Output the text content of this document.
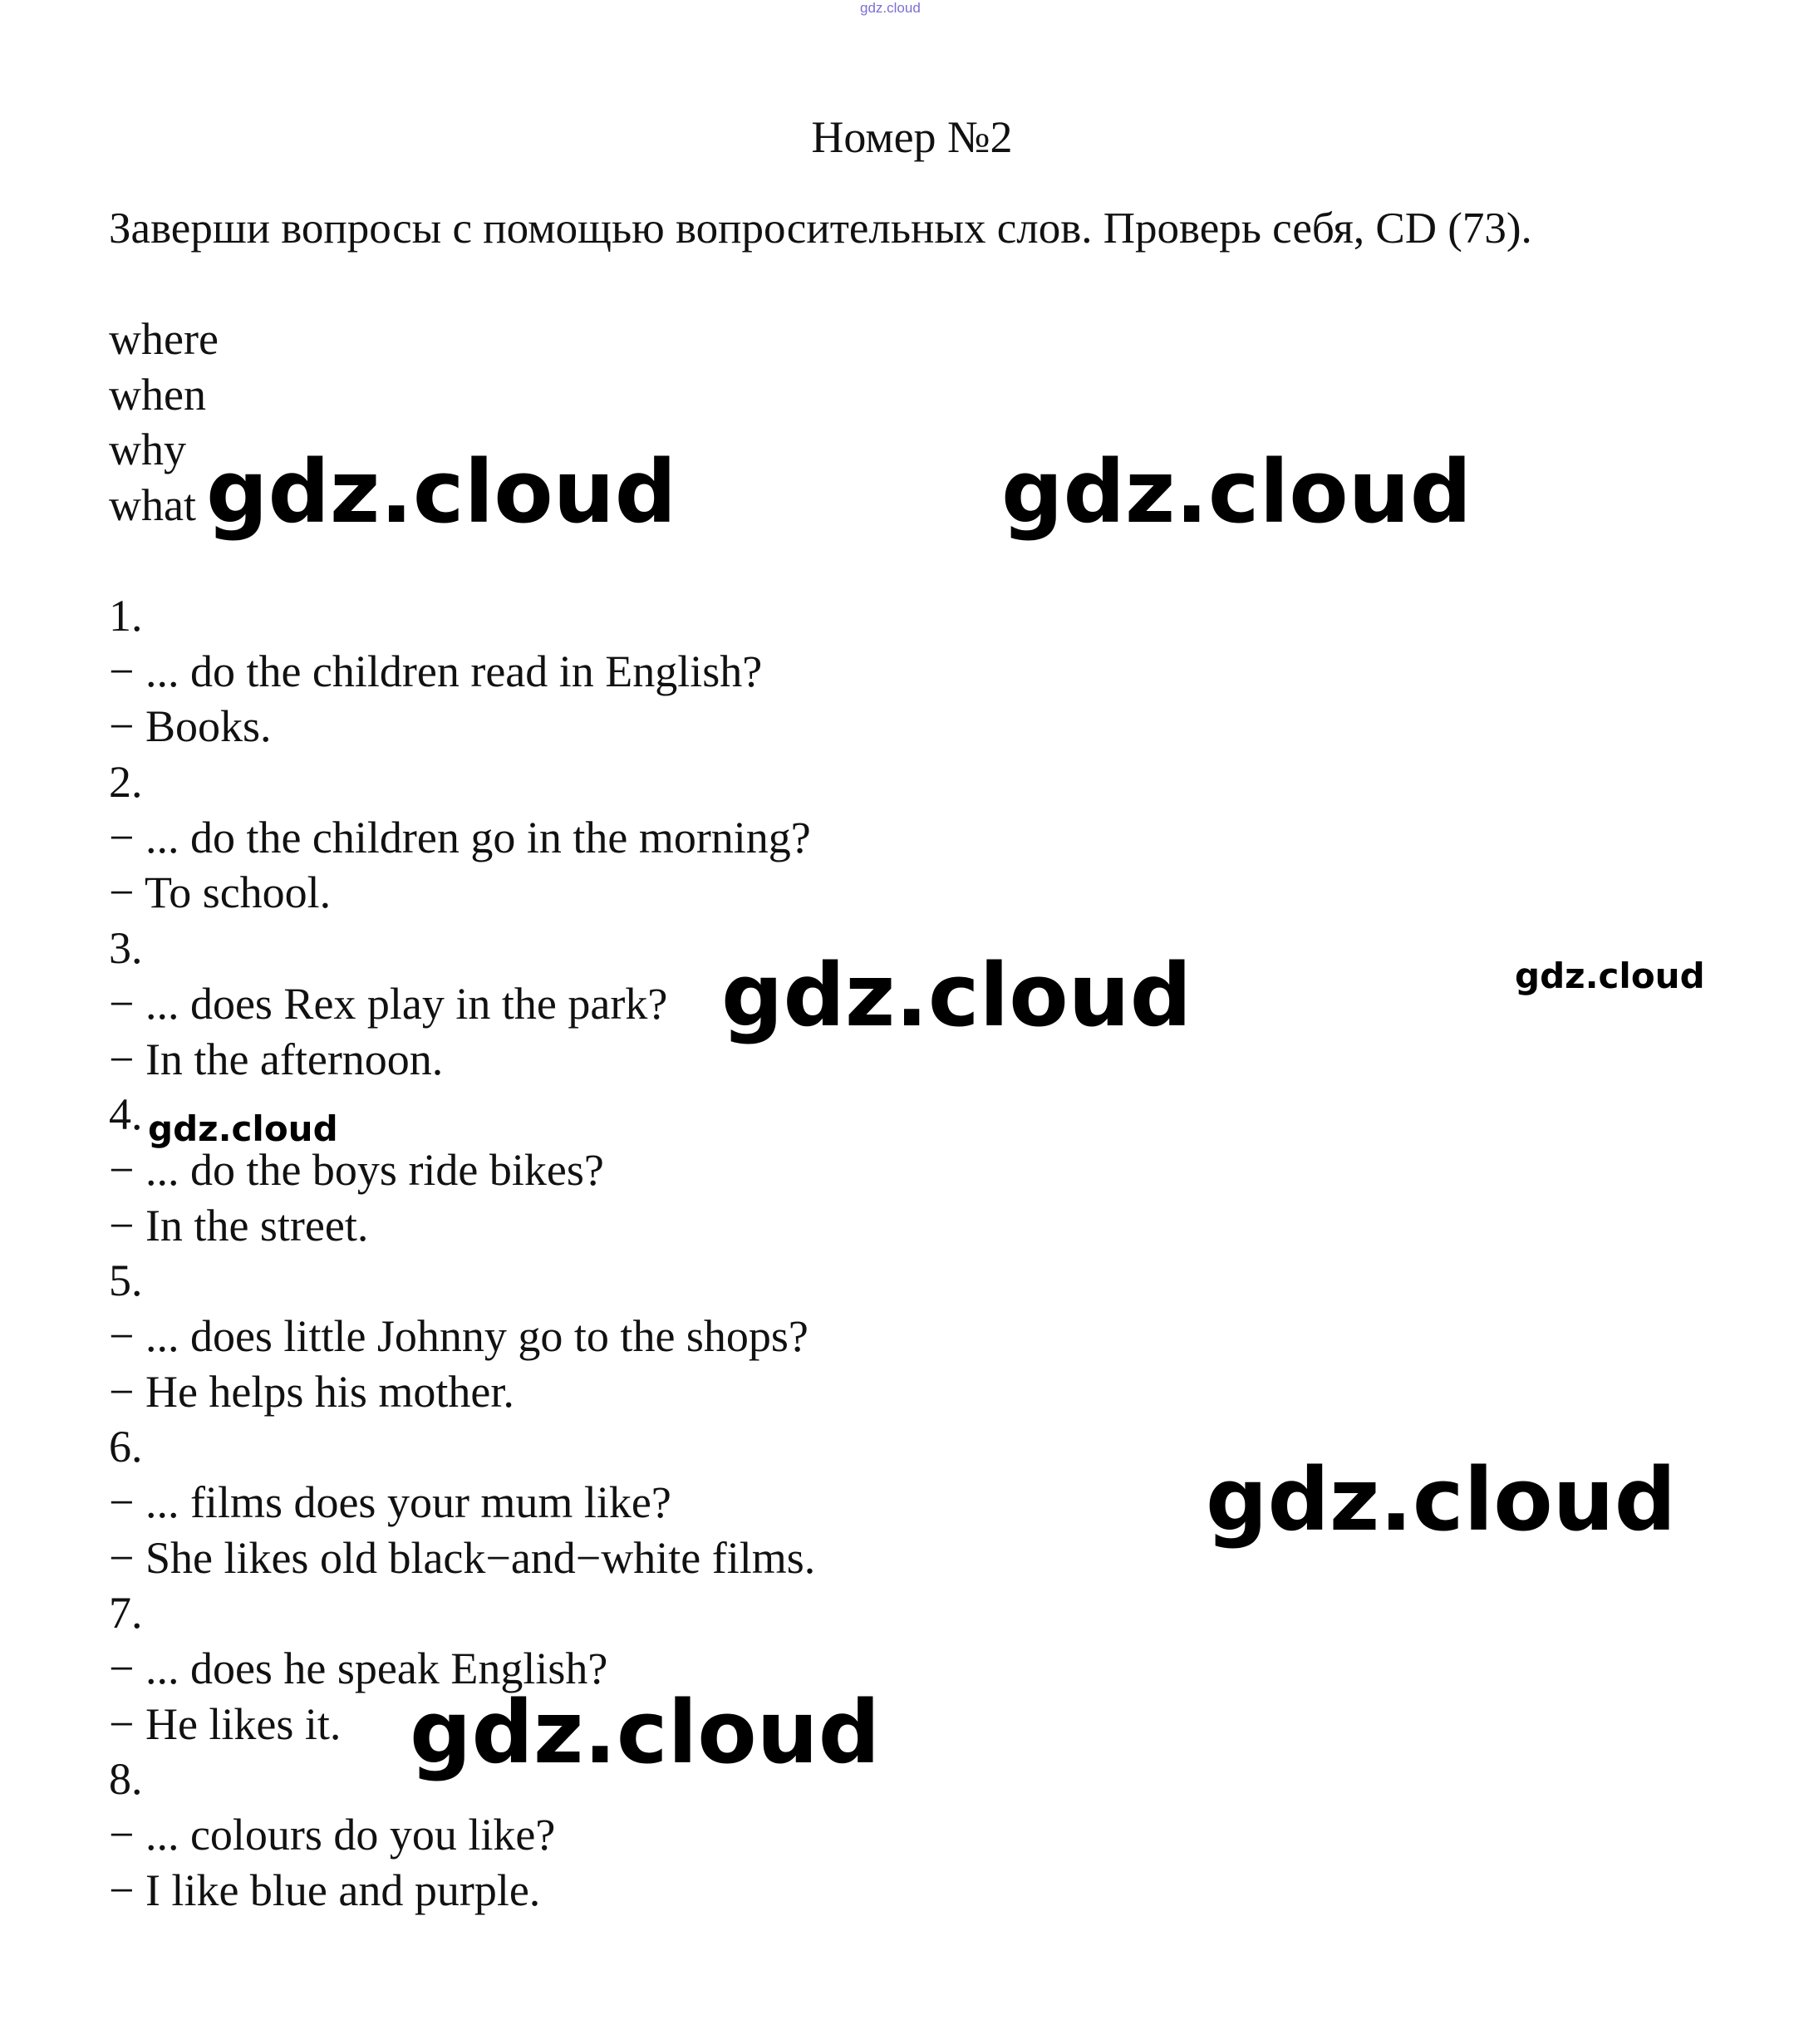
gdz.cloud
Номер №2
Заверши вопросы с помощью вопросительных слов. Проверь себя, CD (73).
where
when
why
what
1.
− ... do the children read in English?
− Books.
2.
− ... do the children go in the morning?
− To school.
3.
− ... does Rex play in the park?
− In the afternoon.
4.
− ... do the boys ride bikes?
− In the street.
5.
− ... does little Johnny go to the shops?
− He helps his mother.
6.
− ... films does your mum like?
− She likes old black−and−white films.
7.
− ... does he speak English?
− He likes it.
8.
− ... colours do you like?
− I like blue and purple.
gdz.cloud	gdz.cloud
gdz.cloud	gdz.cloud
gdz.cloud
gdz.cloud
gdz.cloud
